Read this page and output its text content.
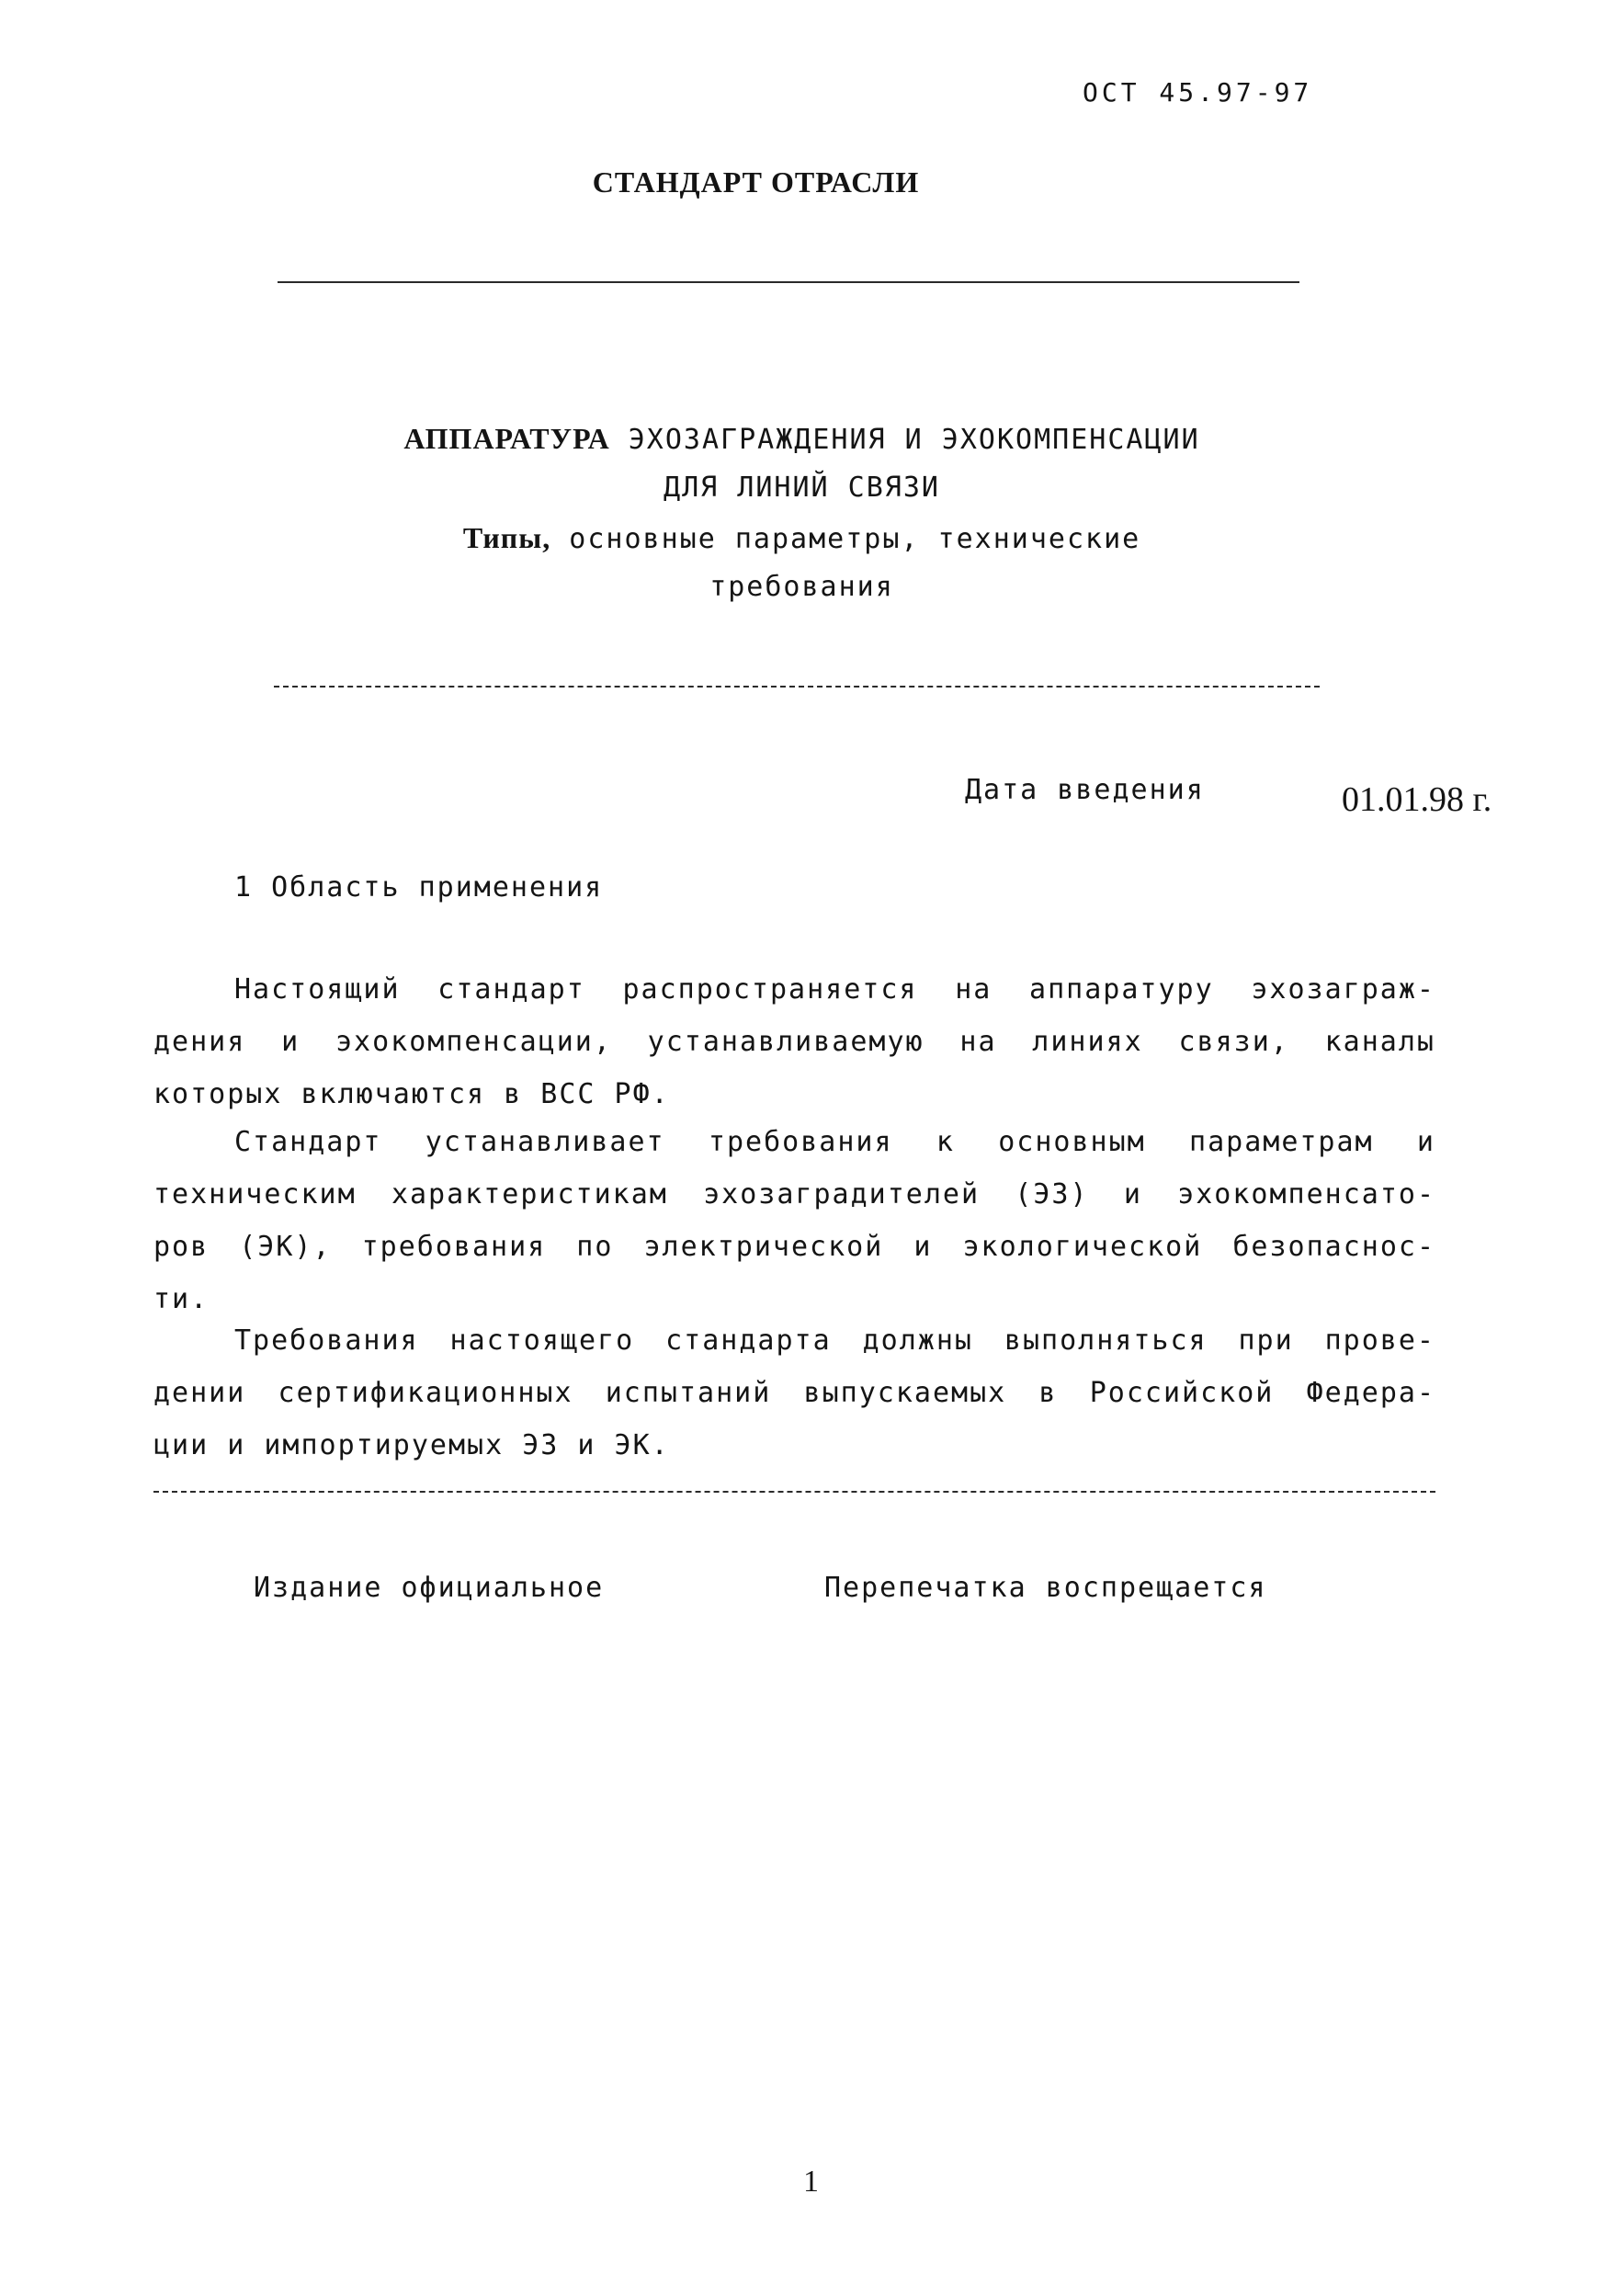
ОСТ 45.97-97
СТАНДАРТ ОТРАСЛИ
АППАРАТУРА ЭХОЗАГРАЖДЕНИЯ И ЭХОКОМПЕНСАЦИИ
ДЛЯ ЛИНИЙ СВЯЗИ
Типы, основные параметры, технические
требования
Дата введения	01.01.98 г.
1 Область применения
Настоящий стандарт распространяется на аппаратуру эхозаграж-
дения и эхокомпенсации, устанавливаемую на линиях связи, каналы
которых включаются в ВСС РФ.
Стандарт устанавливает требования к основным параметрам и
техническим характеристикам эхозаградителей (ЭЗ) и эхокомпенсато-
ров (ЭК), требования по электрической и экологической безопаснос-
ти.
Требования настоящего стандарта должны выполняться при прове-
дении сертификационных испытаний выпускаемых в Российской Федера-
ции и импортируемых ЭЗ и ЭК.
Издание официальное	Перепечатка воспрещается
1
